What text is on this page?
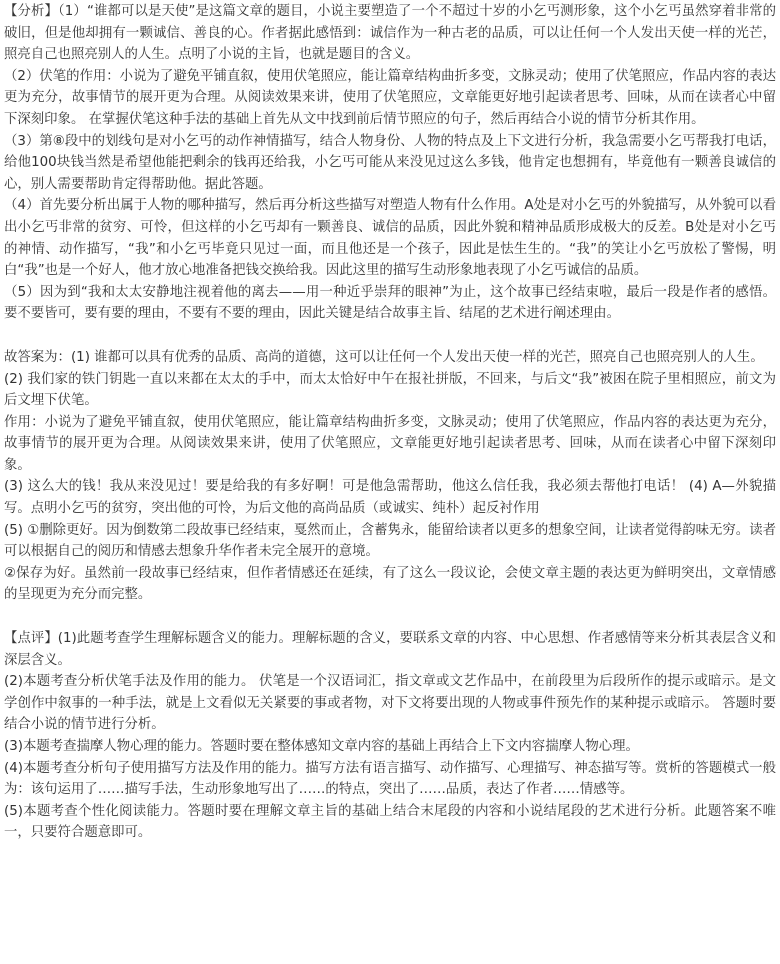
【分析】（1）“谁都可以是天使”是这篇文章的题目，小说主要塑造了一个不超过十岁的小乞丐测形象，这个小乞丐虽然穿着非常的破旧，但是他却拥有一颗诚信、善良的心。作者据此感悟到：诚信作为一种古老的品质，可以让任何一个人发出天使一样的光芒，照亮自己也照亮别人的人生。点明了小说的主旨，也就是题目的含义。

（2）伏笔的作用：小说为了避免平铺直叙，使用伏笔照应，能让篇章结构曲折多变，文脉灵动；使用了伏笔照应，作品内容的表达更为充分，故事情节的展开更为合理。从阅读效果来讲，使用了伏笔照应，文章能更好地引起读者思考、回味，从而在读者心中留下深刻印象。 在掌握伏笔这种手法的基础上首先从文中找到前后情节照应的句子，然后再结合小说的情节分析其作用。

（3）第⑧段中的划线句是对小乞丐的动作神情描写，结合人物身份、人物的特点及上下文进行分析，我急需要小乞丐帮我打电话，给他100块钱当然是希望他能把剩余的钱再还给我，小乞丐可能从来没见过这么多钱，他肯定也想拥有，毕竟他有一颗善良诚信的心，别人需要帮助肯定得帮助他。据此答题。

（4）首先要分析出属于人物的哪种描写，然后再分析这些描写对塑造人物有什么作用。A处是对小乞丐的外貌描写，从外貌可以看出小乞丐非常的贫穷、可怜，但这样的小乞丐却有一颗善良、诚信的品质，因此外貌和精神品质形成极大的反差。B处是对小乞丐的神情、动作描写，“我”和小乞丐毕竟只见过一面，而且他还是一个孩子，因此是怯生生的。“我”的笑让小乞丐放松了警惕，明白“我”也是一个好人，他才放心地准备把钱交换给我。因此这里的描写生动形象地表现了小乞丐诚信的品质。

（5）因为到“我和太太安静地注视着他的离去——用一种近乎崇拜的眼神”为止，这个故事已经结束啦，最后一段是作者的感悟。要不要皆可，要有要的理由，不要有不要的理由，因此关键是结合故事主旨、结尾的艺术进行阐述理由。

故答案为：(1) 谁都可以具有优秀的品质、高尚的道德，这可以让任何一个人发出天使一样的光芒，照亮自己也照亮别人的人生。

(2) 我们家的铁门钥匙一直以来都在太太的手中，而太太恰好中午在报社拼版，不回来，与后文“我”被困在院子里相照应，前文为后文埋下伏笔。

作用：小说为了避免平铺直叙，使用伏笔照应，能让篇章结构曲折多变，文脉灵动；使用了伏笔照应，作品内容的表达更为充分，故事情节的展开更为合理。从阅读效果来讲，使用了伏笔照应，文章能更好地引起读者思考、回味，从而在读者心中留下深刻印象。

(3) 这么大的钱！我从来没见过！要是给我的有多好啊！可是他急需帮助，他这么信任我，我必须去帮他打电话！ (4) A—外貌描写。点明小乞丐的贫穷，突出他的可怜，为后文他的高尚品质（或诚实、纯朴）起反衬作用

(5) ①删除更好。因为倒数第二段故事已经结束，戛然而止，含蓄隽永，能留给读者以更多的想象空间，让读者觉得韵味无穷。读者可以根据自己的阅历和情感去想象升华作者未完全展开的意境。

②保存为好。虽然前一段故事已经结束，但作者情感还在延续，有了这么一段议论，会使文章主题的表达更为鲜明突出，文章情感的呈现更为充分而完整。

【点评】(1)此题考查学生理解标题含义的能力。理解标题的含义，要联系文章的内容、中心思想、作者感情等来分析其表层含义和深层含义。

(2)本题考查分析伏笔手法及作用的能力。 伏笔是一个汉语词汇，指文章或文艺作品中，在前段里为后段所作的提示或暗示。是文学创作中叙事的一种手法，就是上文看似无关紧要的事或者物，对下文将要出现的人物或事件预先作的某种提示或暗示。 答题时要结合小说的情节进行分析。

(3)本题考查揣摩人物心理的能力。答题时要在整体感知文章内容的基础上再结合上下文内容揣摩人物心理。

(4)本题考查分析句子使用描写方法及作用的能力。描写方法有语言描写、动作描写、心理描写、神态描写等。赏析的答题模式一般为：该句运用了……描写手法，生动形象地写出了……的特点，突出了……品质，表达了作者……情感等。

(5)本题考查个性化阅读能力。答题时要在理解文章主旨的基础上结合末尾段的内容和小说结尾段的艺术进行分析。此题答案不唯一，只要符合题意即可。
